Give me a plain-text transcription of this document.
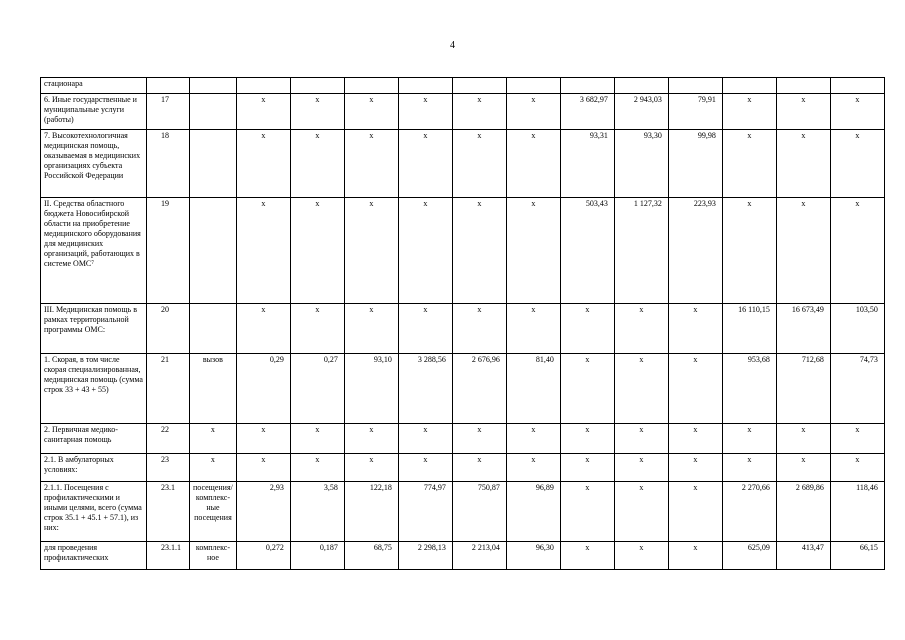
4
стационара														
6. Иные государственные и муниципальные услуги (работы)	17		x	x	x	x	x	x	3 682,97	2 943,03	79,91	x	x	x
7. Высокотехнологичная медицинская помощь, оказываемая в медицинских организациях субъекта Российской Федерации	18		x	x	x	x	x	x	93,31	93,30	99,98	x	x	x
II. Средства областного бюджета Новосибирской области на приобретение медицинского оборудования для медицинских организаций, работающих в системе ОМС⁷	19		x	x	x	x	x	x	503,43	1 127,32	223,93	x	x	x
III. Медицинская помощь в рамках территориальной программы ОМС:	20		x	x	x	x	x	x	x	x	x	16 110,15	16 673,49	103,50
1. Скорая, в том числе скорая специализированная, медицинская помощь (сумма строк 33 + 43 + 55)	21	вызов	0,29	0,27	93,10	3 288,56	2 676,96	81,40	x	x	x	953,68	712,68	74,73
2. Первичная медико-санитарная помощь	22	x	x	x	x	x	x	x	x	x	x	x	x	x
2.1. В амбулаторных условиях:	23	x	x	x	x	x	x	x	x	x	x	x	x	x
2.1.1. Посещения с профилактическими и иными целями, всего (сумма строк 35.1 + 45.1 + 57.1), из них:	23.1	посещения/ комплекс-ные посещения	2,93	3,58	122,18	774,97	750,87	96,89	x	x	x	2 270,66	2 689,86	118,46
для проведения профилактических	23.1.1	комплекс-ное	0,272	0,187	68,75	2 298,13	2 213,04	96,30	x	x	x	625,09	413,47	66,15
